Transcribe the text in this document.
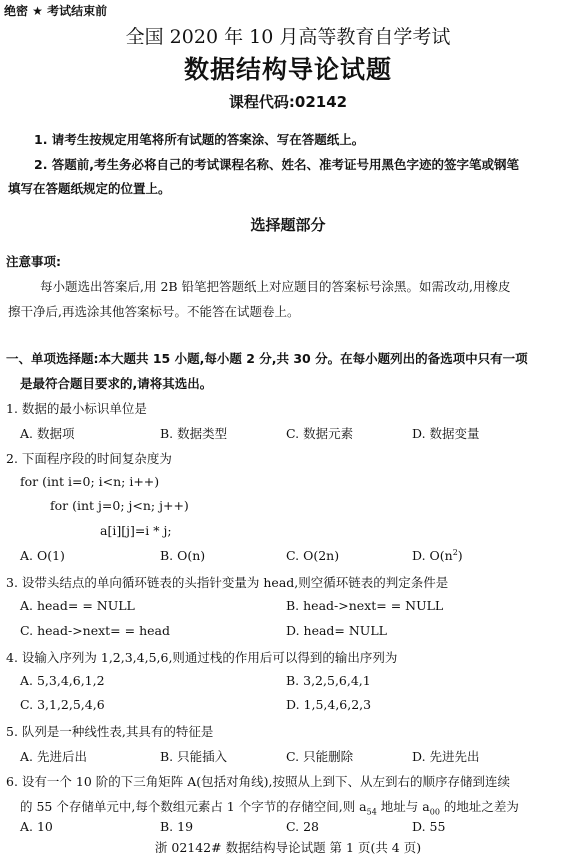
绝密 ★ 考试结束前
全国 2020 年 10 月高等教育自学考试
数据结构导论试题
课程代码:02142
1. 请考生按规定用笔将所有试题的答案涂、写在答题纸上。
2. 答题前,考生务必将自己的考试课程名称、姓名、准考证号用黑色字迹的签字笔或钢笔
填写在答题纸规定的位置上。
选择题部分
注意事项:
每小题选出答案后,用 2B 铅笔把答题纸上对应题目的答案标号涂黑。如需改动,用橡皮
擦干净后,再选涂其他答案标号。不能答在试题卷上。
一、单项选择题:本大题共 15 小题,每小题 2 分,共 30 分。在每小题列出的备选项中只有一项
是最符合题目要求的,请将其选出。
1. 数据的最小标识单位是
A. 数据项	B. 数据类型	C. 数据元素	D. 数据变量
2. 下面程序段的时间复杂度为
for (int i=0; i<n; i++)
for (int j=0; j<n; j++)
a[i][j]=i * j;
A. O(1)	B. O(n)	C. O(2n)	D. $O(n^2)$
3. 设带头结点的单向循环链表的头指针变量为 head,则空循环链表的判定条件是
A. head= = NULL	B. head->next= = NULL
C. head->next= = head	D. head= NULL
4. 设输入序列为 1,2,3,4,5,6,则通过栈的作用后可以得到的输出序列为
A. 5,3,4,6,1,2	B. 3,2,5,6,4,1
C. 3,1,2,5,4,6	D. 1,5,4,6,2,3
5. 队列是一种线性表,其具有的特征是
A. 先进后出	B. 只能插入	C. 只能删除	D. 先进先出
6. 设有一个 10 阶的下三角矩阵 A(包括对角线),按照从上到下、从左到右的顺序存储到连续
的 55 个存储单元中,每个数组元素占 1 个字节的存储空间,则 $a_{54}$ 地址与 $a_{00}$ 的地址之差为
A. 10	B. 19	C. 28	D. 55
浙 02142# 数据结构导论试题 第 1 页(共 4 页)
